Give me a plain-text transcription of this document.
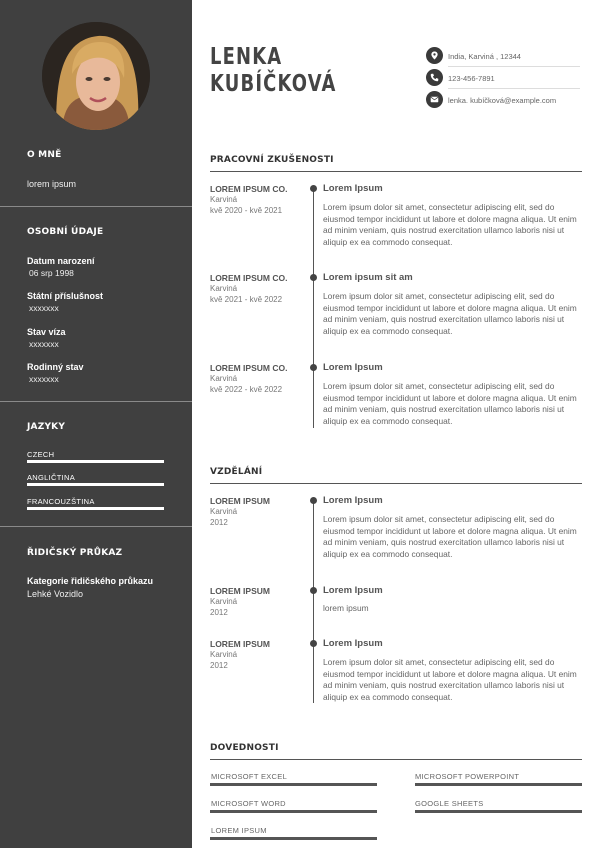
O MNĚ
lorem ipsum
OSOBNÍ ÚDAJE
Datum narození
06 srp 1998
Státní příslušnost
xxxxxxx
Stav víza
xxxxxxx
Rodinný stav
xxxxxxx
JAZYKY
CZECH
ANGLIČTINA
FRANCOUZŠTINA
ŘIDIČSKÝ PRŮKAZ
Kategorie řidičského průkazu
Lehké Vozidlo
LENKA
KUBÍČKOVÁ
India, Karviná , 12344
123-456-7891
lenka. kubíčková@example.com
PRACOVNÍ ZKUŠENOSTI
LOREM IPSUM CO.
Karviná
kvě 2020 - kvě 2021
Lorem Ipsum
Lorem ipsum dolor sit amet, consectetur adipiscing elit, sed do eiusmod tempor incididunt ut labore et dolore magna aliqua. Ut enim ad minim veniam, quis nostrud exercitation ullamco laboris nisi ut aliquip ex ea commodo consequat.
LOREM IPSUM CO.
Karviná
kvě 2021 - kvě 2022
Lorem ipsum sit am
Lorem ipsum dolor sit amet, consectetur adipiscing elit, sed do eiusmod tempor incididunt ut labore et dolore magna aliqua. Ut enim ad minim veniam, quis nostrud exercitation ullamco laboris nisi ut aliquip ex ea commodo consequat.
LOREM IPSUM CO.
Karviná
kvě 2022 - kvě 2022
Lorem Ipsum
Lorem ipsum dolor sit amet, consectetur adipiscing elit, sed do eiusmod tempor incididunt ut labore et dolore magna aliqua. Ut enim ad minim veniam, quis nostrud exercitation ullamco laboris nisi ut aliquip ex ea commodo consequat.
VZDĚLÁNÍ
LOREM IPSUM
Karviná
2012
Lorem Ipsum
Lorem ipsum dolor sit amet, consectetur adipiscing elit, sed do eiusmod tempor incididunt ut labore et dolore magna aliqua. Ut enim ad minim veniam, quis nostrud exercitation ullamco laboris nisi ut aliquip ex ea commodo consequat.
LOREM IPSUM
Karviná
2012
Lorem Ipsum
lorem ipsum
LOREM IPSUM
Karviná
2012
Lorem Ipsum
Lorem ipsum dolor sit amet, consectetur adipiscing elit, sed do eiusmod tempor incididunt ut labore et dolore magna aliqua. Ut enim ad minim veniam, quis nostrud exercitation ullamco laboris nisi ut aliquip ex ea commodo consequat.
DOVEDNOSTI
MICROSOFT EXCEL	MICROSOFT POWERPOINT
MICROSOFT WORD	GOOGLE SHEETS
LOREM IPSUM
